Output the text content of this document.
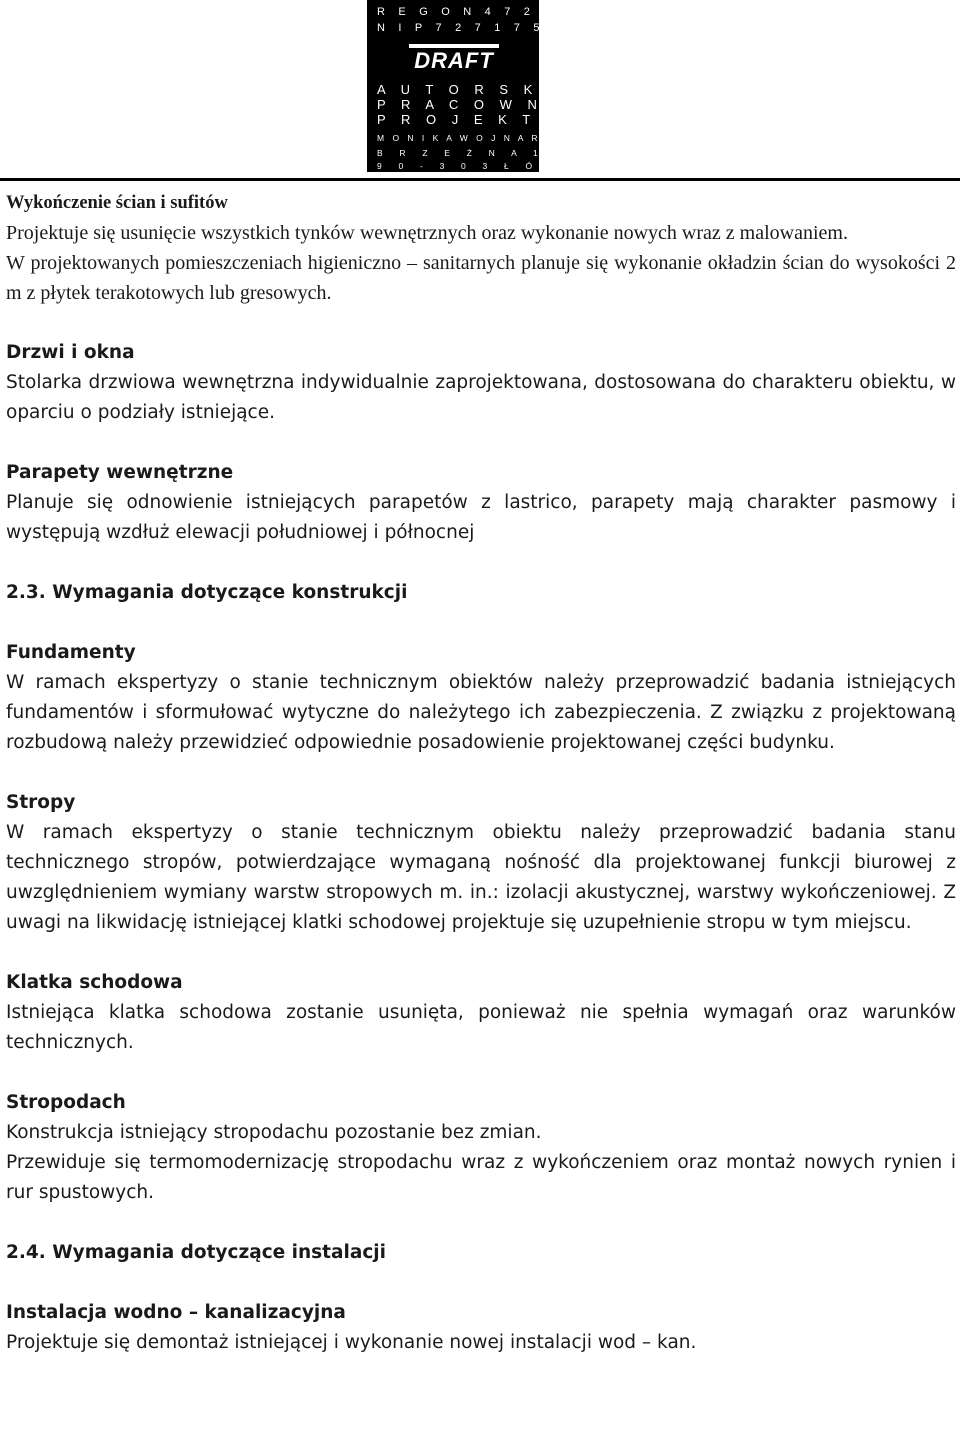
R E G O N 4 7 2 4 0 2 5 3 7
N I P 7 2 7 1 7 5 9 6 1 1
DRAFT
A U T O R S K A
P R A C O W N I A
P R O J E K T O W A
M O N I K A W O J N A R O W S K A
B R Z E Ż N A 12 M. 5
9 0 - 3 0 3 Ł Ó D Ź
Wykończenie ścian i sufitów

Projektuje się usunięcie wszystkich tynków wewnętrznych oraz wykonanie nowych wraz z malowaniem.

W projektowanych pomieszczeniach higieniczno – sanitarnych planuje się wykonanie okładzin ścian do wysokości 2 m z płytek terakotowych lub gresowych.

Drzwi i okna

Stolarka drzwiowa wewnętrzna indywidualnie zaprojektowana, dostosowana do charakteru obiektu, w oparciu o podziały istniejące.

Parapety wewnętrzne

Planuje się odnowienie istniejących parapetów z lastrico, parapety mają charakter pasmowy i występują wzdłuż elewacji południowej i północnej

2.3. Wymagania dotyczące konstrukcji
Fundamenty

W ramach ekspertyzy o stanie technicznym obiektów należy przeprowadzić badania istniejących fundamentów i sformułować wytyczne do należytego ich zabezpieczenia. Z związku z projektowaną rozbudową należy przewidzieć odpowiednie posadowienie projektowanej części budynku.

Stropy

W ramach ekspertyzy o stanie technicznym obiektu należy przeprowadzić badania stanu technicznego stropów, potwierdzające wymaganą nośność dla projektowanej funkcji biurowej z uwzględnieniem wymiany warstw stropowych m. in.: izolacji akustycznej, warstwy wykończeniowej. Z uwagi na likwidację istniejącej klatki schodowej projektuje się uzupełnienie stropu w tym miejscu.

Klatka schodowa

Istniejąca klatka schodowa zostanie usunięta, ponieważ nie spełnia wymagań oraz warunków technicznych.

Stropodach

Konstrukcja istniejący stropodachu pozostanie bez zmian.

Przewiduje się termomodernizację stropodachu wraz z wykończeniem oraz montaż nowych rynien i rur spustowych.

2.4. Wymagania dotyczące instalacji
Instalacja wodno – kanalizacyjna

Projektuje się demontaż istniejącej i wykonanie nowej instalacji wod – kan.
